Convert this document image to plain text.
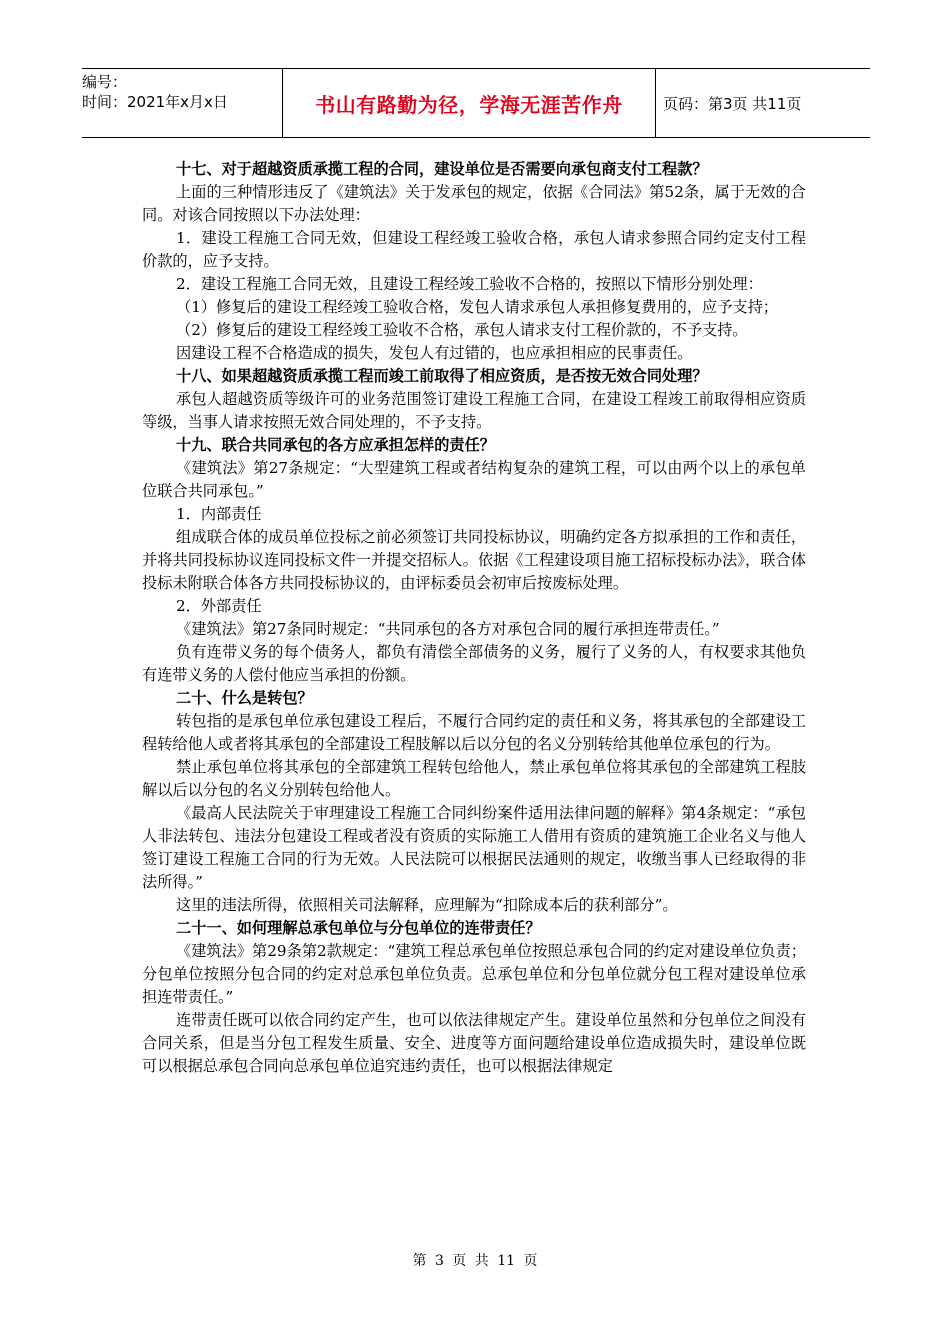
编号：
时间：2021年x月x日	书山有路勤为径，学海无涯苦作舟	页码：第3页 共11页

十七、对于超越资质承揽工程的合同，建设单位是否需要向承包商支付工程款？

上面的三种情形违反了《建筑法》关于发承包的规定，依据《合同法》第52条，属于无效的合同。对该合同按照以下办法处理：

1．建设工程施工合同无效，但建设工程经竣工验收合格，承包人请求参照合同约定支付工程价款的，应予支持。

2．建设工程施工合同无效，且建设工程经竣工验收不合格的，按照以下情形分别处理：

（1）修复后的建设工程经竣工验收合格，发包人请求承包人承担修复费用的，应予支持；

（2）修复后的建设工程经竣工验收不合格，承包人请求支付工程价款的，不予支持。

因建设工程不合格造成的损失，发包人有过错的，也应承担相应的民事责任。

十八、如果超越资质承揽工程而竣工前取得了相应资质，是否按无效合同处理？

承包人超越资质等级许可的业务范围签订建设工程施工合同，在建设工程竣工前取得相应资质等级，当事人请求按照无效合同处理的，不予支持。

十九、联合共同承包的各方应承担怎样的责任？

《建筑法》第27条规定：“大型建筑工程或者结构复杂的建筑工程，可以由两个以上的承包单位联合共同承包。”

1．内部责任

组成联合体的成员单位投标之前必须签订共同投标协议，明确约定各方拟承担的工作和责任，并将共同投标协议连同投标文件一并提交招标人。依据《工程建设项目施工招标投标办法》，联合体投标未附联合体各方共同投标协议的，由评标委员会初审后按废标处理。

2．外部责任

《建筑法》第27条同时规定：“共同承包的各方对承包合同的履行承担连带责任。”

负有连带义务的每个债务人，都负有清偿全部债务的义务，履行了义务的人，有权要求其他负有连带义务的人偿付他应当承担的份额。

二十、什么是转包？

转包指的是承包单位承包建设工程后，不履行合同约定的责任和义务，将其承包的全部建设工程转给他人或者将其承包的全部建设工程肢解以后以分包的名义分别转给其他单位承包的行为。

禁止承包单位将其承包的全部建筑工程转包给他人，禁止承包单位将其承包的全部建筑工程肢解以后以分包的名义分别转包给他人。

《最高人民法院关于审理建设工程施工合同纠纷案件适用法律问题的解释》第4条规定：“承包人非法转包、违法分包建设工程或者没有资质的实际施工人借用有资质的建筑施工企业名义与他人签订建设工程施工合同的行为无效。人民法院可以根据民法通则的规定，收缴当事人已经取得的非法所得。”

这里的违法所得，依照相关司法解释，应理解为“扣除成本后的获利部分”。

二十一、如何理解总承包单位与分包单位的连带责任？

《建筑法》第29条第2款规定：“建筑工程总承包单位按照总承包合同的约定对建设单位负责；分包单位按照分包合同的约定对总承包单位负责。总承包单位和分包单位就分包工程对建设单位承担连带责任。”

连带责任既可以依合同约定产生，也可以依法律规定产生。建设单位虽然和分包单位之间没有合同关系，但是当分包工程发生质量、安全、进度等方面问题给建设单位造成损失时，建设单位既可以根据总承包合同向总承包单位追究违约责任，也可以根据法律规定

第 3 页 共 11 页
